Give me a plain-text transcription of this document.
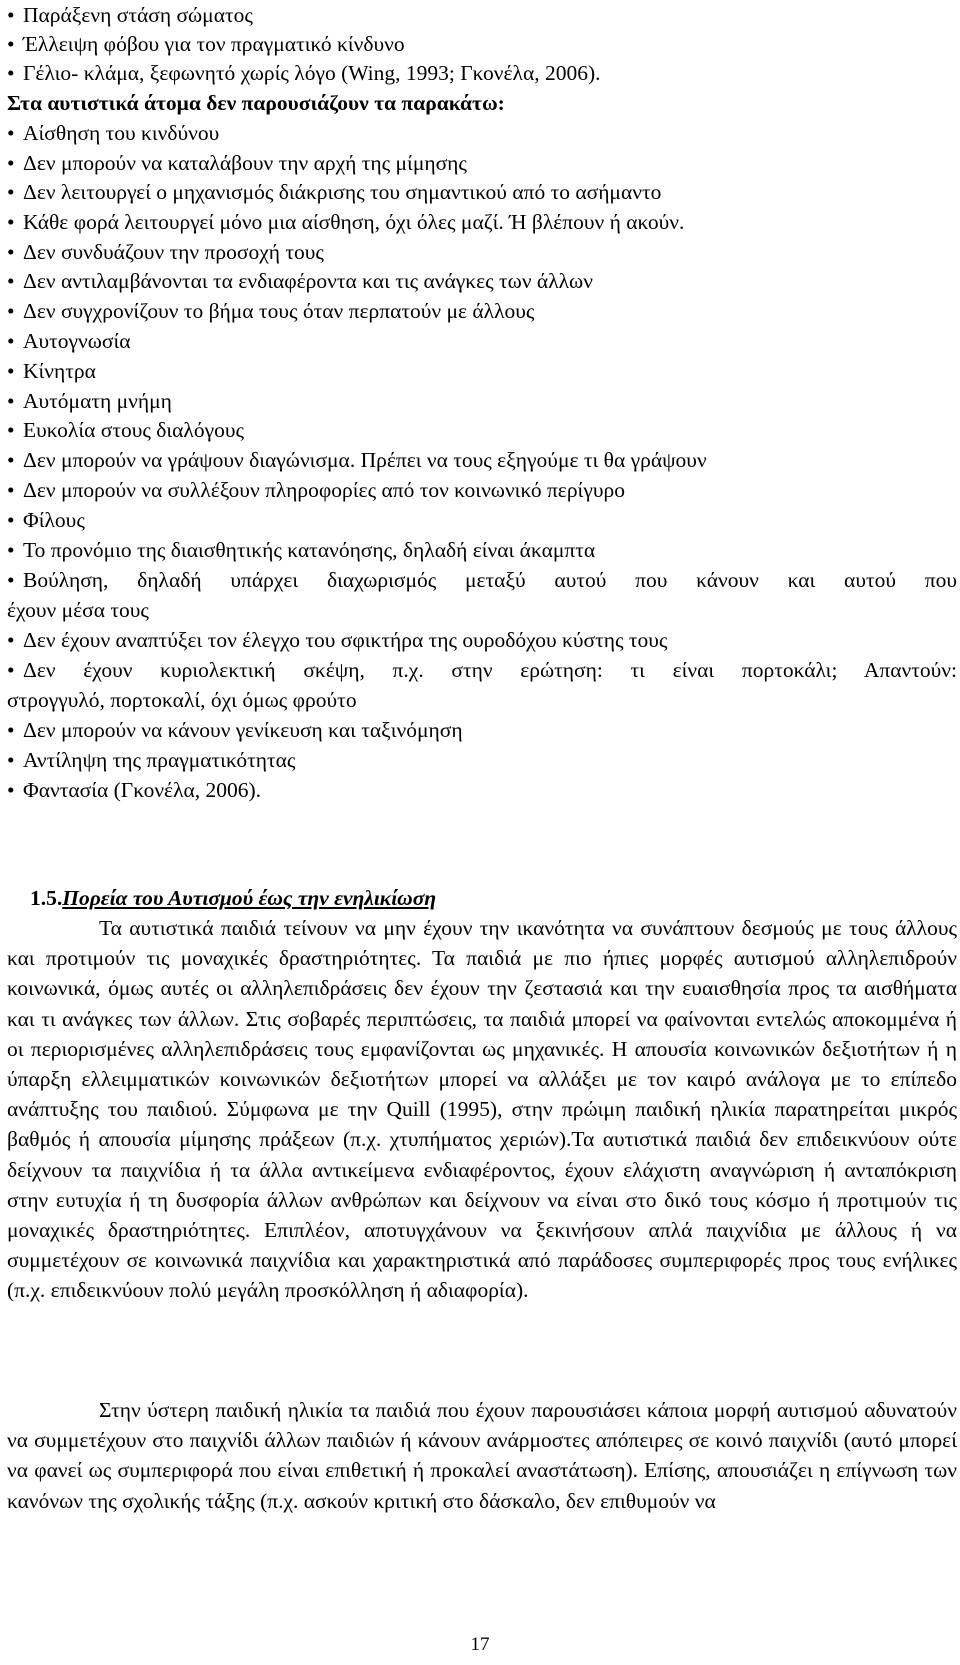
• Παράξενη στάση σώματος
• Έλλειψη φόβου για τον πραγματικό κίνδυνο
• Γέλιο- κλάμα, ξεφωνητό χωρίς λόγο (Wing, 1993; Γκονέλα, 2006).
Στα αυτιστικά άτομα δεν παρουσιάζουν τα παρακάτω:
• Αίσθηση του κινδύνου
• Δεν μπορούν να καταλάβουν την αρχή της μίμησης
• Δεν λειτουργεί ο μηχανισμός διάκρισης του σημαντικού από το ασήμαντο
• Κάθε φορά λειτουργεί μόνο μια αίσθηση, όχι όλες μαζί. Ή βλέπουν ή ακούν.
• Δεν συνδυάζουν την προσοχή τους
• Δεν αντιλαμβάνονται τα ενδιαφέροντα και τις ανάγκες των άλλων
• Δεν συγχρονίζουν το βήμα τους όταν περπατούν με άλλους
• Αυτογνωσία
• Κίνητρα
• Αυτόματη μνήμη
• Ευκολία στους διαλόγους
• Δεν μπορούν να γράψουν διαγώνισμα. Πρέπει να τους εξηγούμε τι θα γράψουν
• Δεν μπορούν να συλλέξουν πληροφορίες από τον κοινωνικό περίγυρο
• Φίλους
• Το προνόμιο της διαισθητικής κατανόησης, δηλαδή είναι άκαμπτα
• Βούληση, δηλαδή υπάρχει διαχωρισμός μεταξύ αυτού που κάνουν και αυτού που
έχουν μέσα τους
• Δεν έχουν αναπτύξει τον έλεγχο του σφικτήρα της ουροδόχου κύστης τους
• Δεν έχουν κυριολεκτική σκέψη, π.χ. στην ερώτηση: τι είναι πορτοκάλι; Απαντούν:
στρογγυλό, πορτοκαλί, όχι όμως φρούτο
• Δεν μπορούν να κάνουν γενίκευση και ταξινόμηση
• Αντίληψη της πραγματικότητας
• Φαντασία (Γκονέλα, 2006).
1.5.Πορεία του Αυτισμού έως την ενηλικίωση
Τα αυτιστικά παιδιά τείνουν να μην έχουν την ικανότητα να συνάπτουν δεσμούς με τους άλλους και προτιμούν τις μοναχικές δραστηριότητες. Τα παιδιά με πιο ήπιες μορφές αυτισμού αλληλεπιδρούν κοινωνικά, όμως αυτές οι αλληλεπιδράσεις δεν έχουν την ζεστασιά και την ευαισθησία προς τα αισθήματα και τι ανάγκες των άλλων. Στις σοβαρές περιπτώσεις, τα παιδιά μπορεί να φαίνονται εντελώς αποκομμένα ή οι περιορισμένες αλληλεπιδράσεις τους εμφανίζονται ως μηχανικές. Η απουσία κοινωνικών δεξιοτήτων ή η ύπαρξη ελλειμματικών κοινωνικών δεξιοτήτων μπορεί να αλλάξει με τον καιρό ανάλογα με το επίπεδο ανάπτυξης του παιδιού. Σύμφωνα με την Quill (1995), στην πρώιμη παιδική ηλικία παρατηρείται μικρός βαθμός ή απουσία μίμησης πράξεων (π.χ. χτυπήματος χεριών).Τα αυτιστικά παιδιά δεν επιδεικνύουν ούτε δείχνουν τα παιχνίδια ή τα άλλα αντικείμενα ενδιαφέροντος, έχουν ελάχιστη αναγνώριση ή ανταπόκριση στην ευτυχία ή τη δυσφορία άλλων ανθρώπων και δείχνουν να είναι στο δικό τους κόσμο ή προτιμούν τις μοναχικές δραστηριότητες. Επιπλέον, αποτυγχάνουν να ξεκινήσουν απλά παιχνίδια με άλλους ή να συμμετέχουν σε κοινωνικά παιχνίδια και χαρακτηριστικά από παράδοσες συμπεριφορές προς τους ενήλικες (π.χ. επιδεικνύουν πολύ μεγάλη προσκόλληση ή αδιαφορία).
Στην ύστερη παιδική ηλικία τα παιδιά που έχουν παρουσιάσει κάποια μορφή αυτισμού αδυνατούν να συμμετέχουν στο παιχνίδι άλλων παιδιών ή κάνουν ανάρμοστες απόπειρες σε κοινό παιχνίδι (αυτό μπορεί να φανεί ως συμπεριφορά που είναι επιθετική ή προκαλεί αναστάτωση). Επίσης, απουσιάζει η επίγνωση των κανόνων της σχολικής τάξης (π.χ. ασκούν κριτική στο δάσκαλο, δεν επιθυμούν να
17
